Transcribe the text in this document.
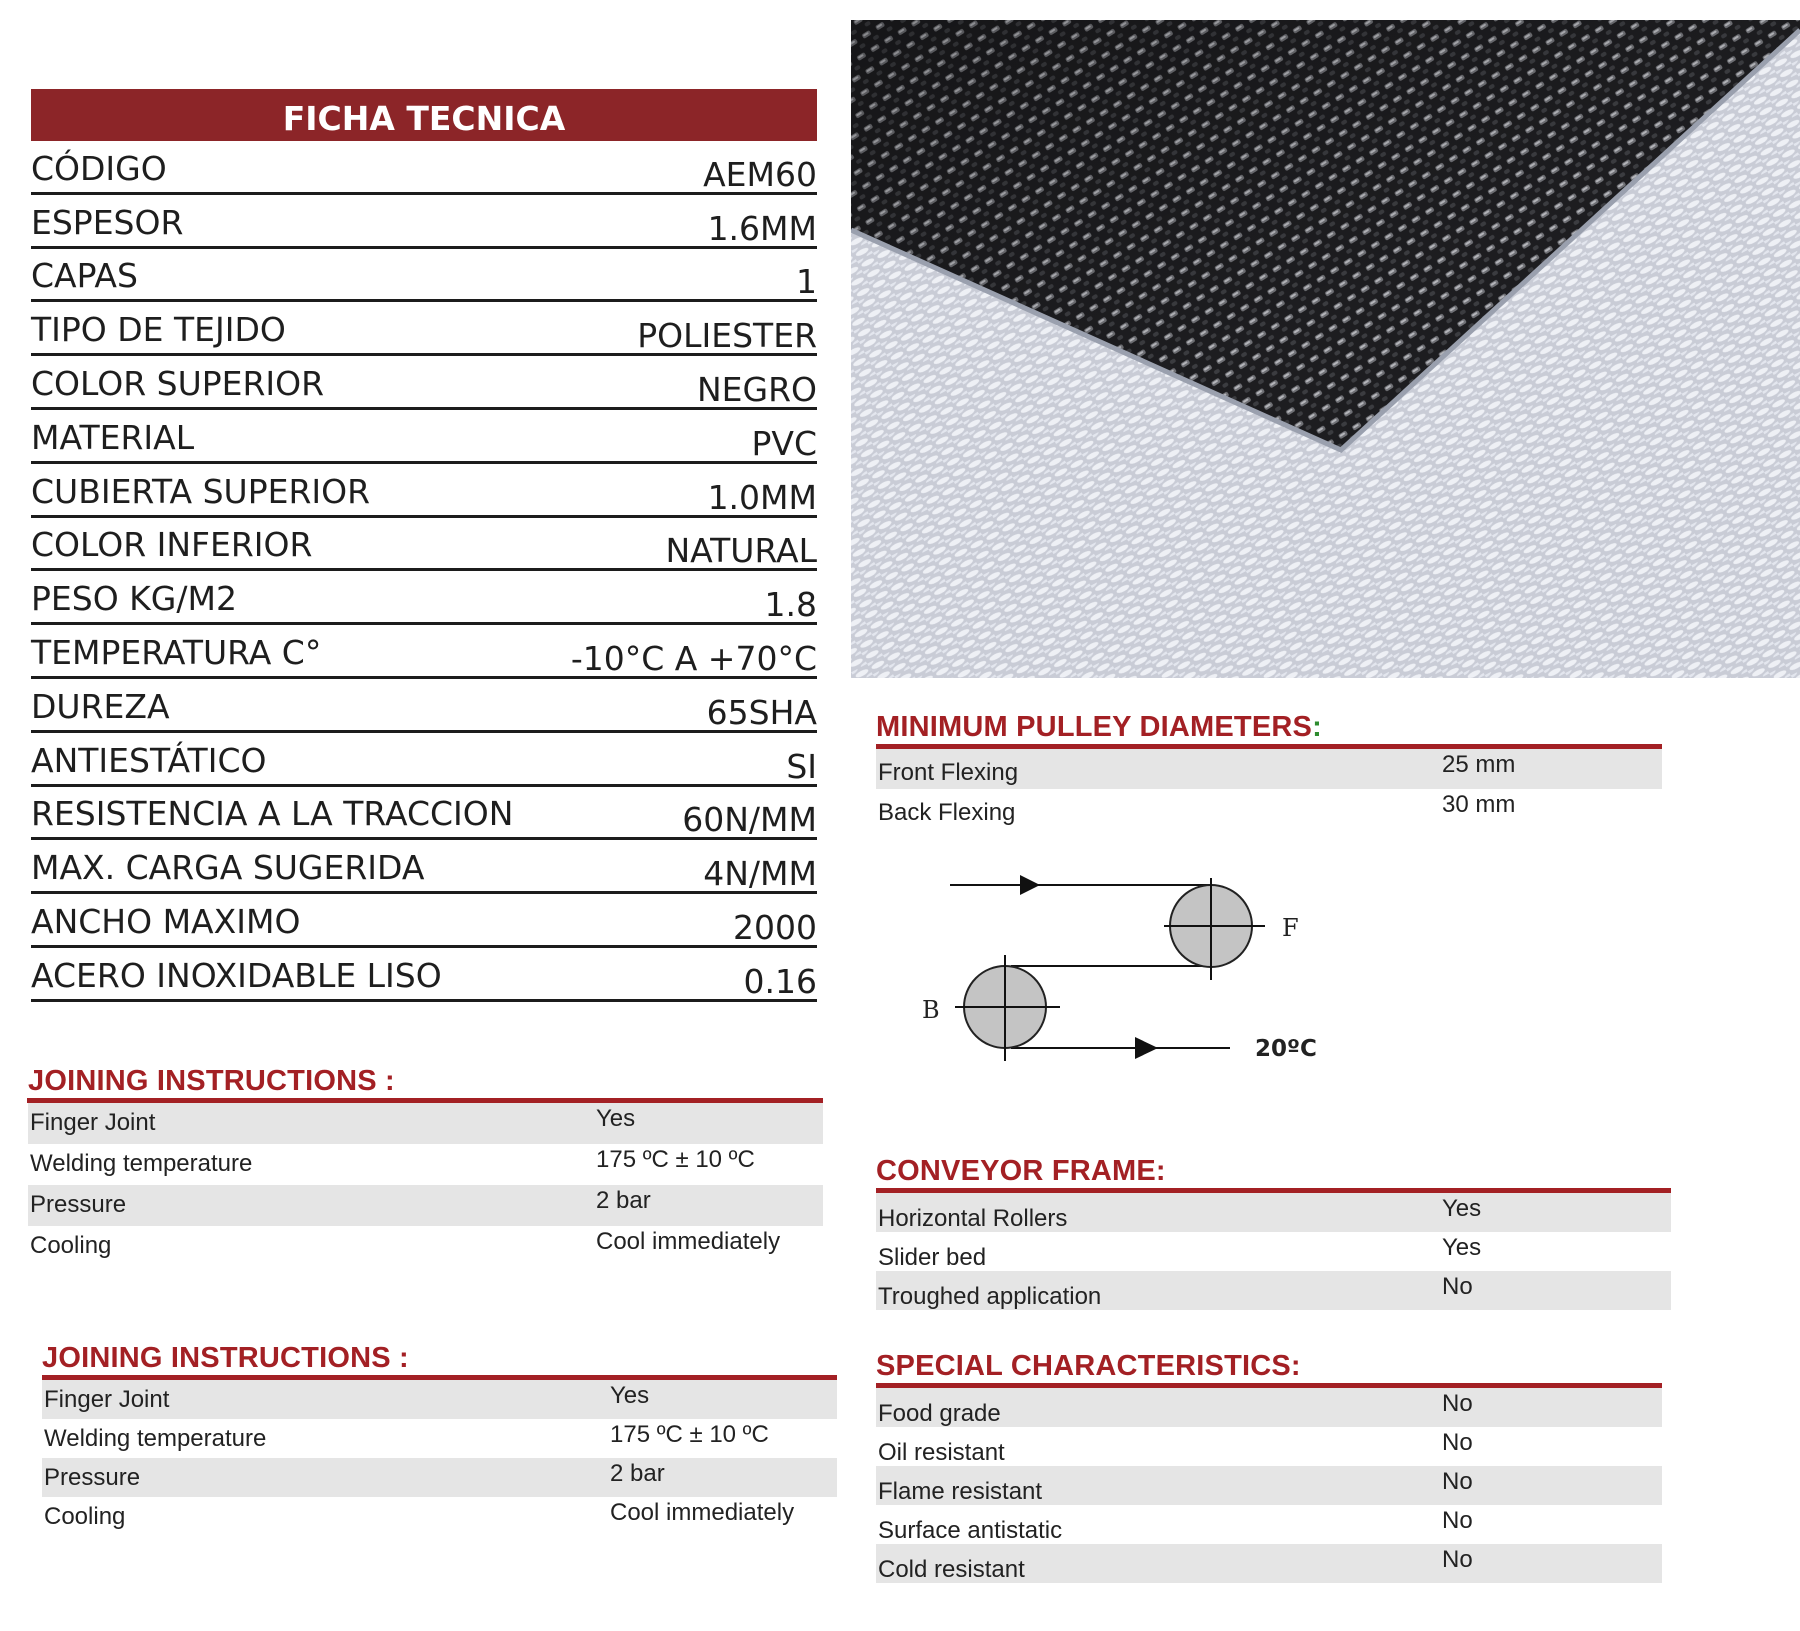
FICHA TECNICA
CÓDIGO	AEM60
ESPESOR	1.6MM
CAPAS	1
TIPO DE TEJIDO	POLIESTER
COLOR SUPERIOR	NEGRO
MATERIAL	PVC
CUBIERTA SUPERIOR	1.0MM
COLOR INFERIOR	NATURAL
PESO KG/M2	1.8
TEMPERATURA C°	-10°C A +70°C
DUREZA	65SHA
ANTIESTÁTICO	SI
RESISTENCIA A LA TRACCION	60N/MM
MAX. CARGA SUGERIDA	4N/MM
ANCHO MAXIMO	2000
ACERO INOXIDABLE LISO	0.16
MINIMUM PULLEY DIAMETERS:
Front Flexing	25 mm
Back Flexing	30 mm
F
B
20ºC
JOINING INSTRUCTIONS :
Finger Joint	Yes
Welding temperature	175 ºC ± 10 ºC
Pressure	2 bar
Cooling	Cool immediately
CONVEYOR FRAME:
Horizontal Rollers	Yes
Slider bed	Yes
Troughed application	No
JOINING INSTRUCTIONS :
Finger Joint	Yes
Welding temperature	175 ºC ± 10 ºC
Pressure	2 bar
Cooling	Cool immediately
SPECIAL CHARACTERISTICS:
Food grade	No
Oil resistant	No
Flame resistant	No
Surface antistatic	No
Cold resistant	No
